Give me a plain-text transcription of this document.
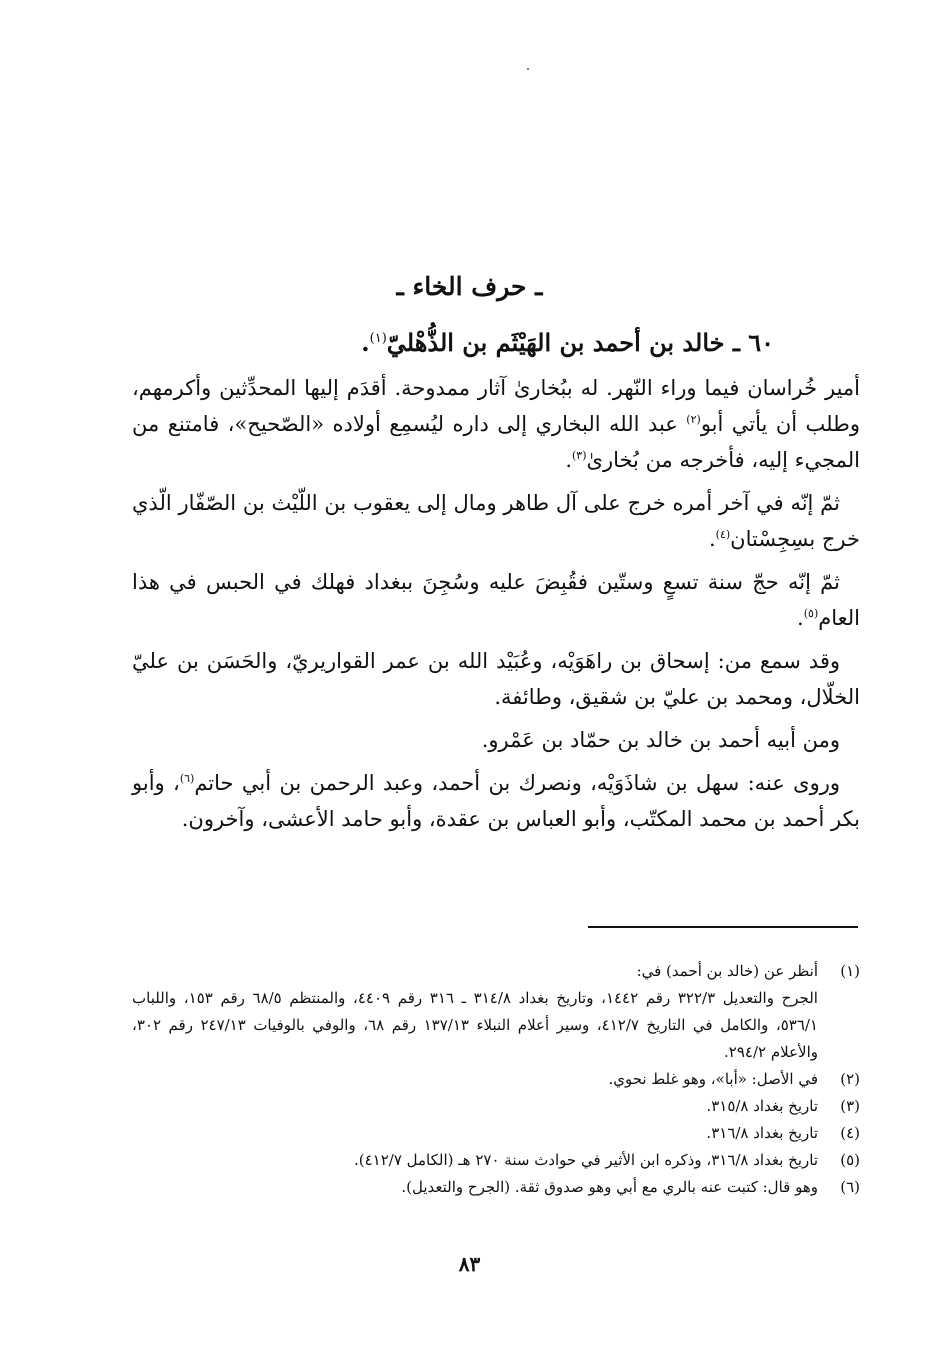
ـ حرف الخاء ـ
٦٠ ـ خالد بن أحمد بن الهَيْثَم بن الذُّهْليّ$^{(١)}$.

أمير خُراسان فيما وراء النّهر. له ببُخارىٰ آثار ممدوحة. أقدَم إليها المحدِّثين وأكرمهم، وطلب أن يأتي أبو$^{(٢)}$ عبد الله البخاري إلى داره ليُسمِع أولاده «الصّحيح»، فامتنع من المجيء إليه، فأخرجه من بُخارىٰ$^{(٣)}$.

ثمّ إنّه في آخر أمره خرج على آل طاهر ومال إلى يعقوب بن اللّيْث بن الصّفّار الّذي خرج بسِجِسْتان$^{(٤)}$.

ثمّ إنّه حجّ سنة تسعٍ وستّين فقُبِضَ عليه وسُجِنَ ببغداد فهلك في الحبس في هذا العام$^{(٥)}$.

وقد سمع من: إسحاق بن راهَوَيْه، وعُبَيْد الله بن عمر القواريريّ، والحَسَن بن عليّ الخلّال، ومحمد بن عليّ بن شقيق، وطائفة.

ومن أبيه أحمد بن خالد بن حمّاد بن عَمْرو.

وروى عنه: سهل بن شاذَوَيْه، ونصرك بن أحمد، وعبد الرحمن بن أبي حاتم$^{(٦)}$، وأبو بكر أحمد بن محمد المكتّب، وأبو العباس بن عقدة، وأبو حامد الأعشى، وآخرون.

(١)
أنظر عن (خالد بن أحمد) في:
الجرح والتعديل ٣٢٢/٣ رقم ١٤٤٢، وتاريخ بغداد ٣١٤/٨ ـ ٣١٦ رقم ٤٤٠٩، والمنتظم ٦٨/٥ رقم ١٥٣، واللباب ٥٣٦/١، والكامل في التاريخ ٤١٢/٧، وسير أعلام النبلاء ١٣٧/١٣ رقم ٦٨، والوفي بالوفيات ٢٤٧/١٣ رقم ٣٠٢، والأعلام ٢٩٤/٢.
(٢)
في الأصل: «أبا»، وهو غلط نحوي.
(٣)
تاريخ بغداد ٣١٥/٨.
(٤)
تاريخ بغداد ٣١٦/٨.
(٥)
تاريخ بغداد ٣١٦/٨، وذكره ابن الأثير في حوادث سنة ٢٧٠ هـ (الكامل ٤١٢/٧).
(٦)
وهو قال: كتبت عنه بالري مع أبي وهو صدوق ثقة. (الجرح والتعديل).
٨٣
